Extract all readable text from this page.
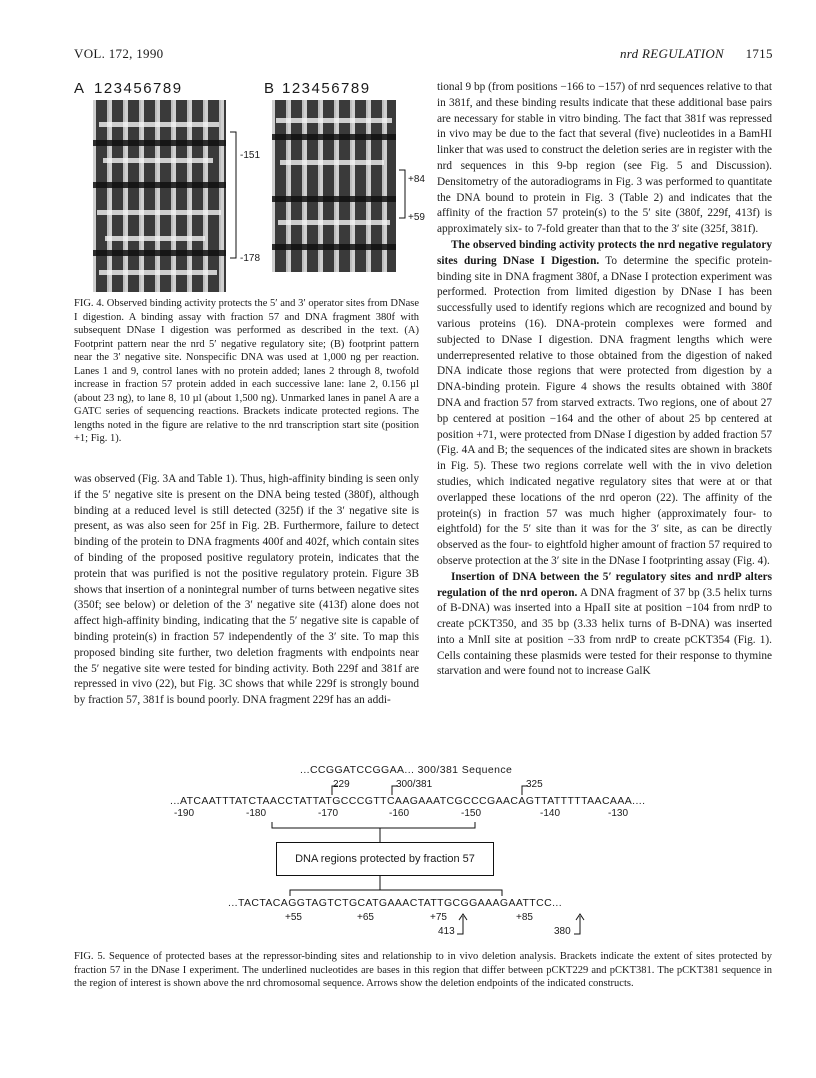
VOL. 172, 1990	nrd REGULATION 1715
A 123456789
-151
-178
B 123456789
+84
+59
FIG. 4. Observed binding activity protects the 5′ and 3′ operator sites from DNase I digestion. A binding assay with fraction 57 and DNA fragment 380f with subsequent DNase I digestion was performed as described in the text. (A) Footprint pattern near the nrd 5′ negative regulatory site; (B) footprint pattern near the 3′ negative site. Nonspecific DNA was used at 1,000 ng per reaction. Lanes 1 and 9, control lanes with no protein added; lanes 2 through 8, twofold increase in fraction 57 protein added in each successive lane: lane 2, 0.156 µl (about 23 ng), to lane 8, 10 µl (about 1,500 ng). Unmarked lanes in panel A are a GATC series of sequencing reactions. Brackets indicate protected regions. The lengths noted in the figure are relative to the nrd transcription start site (position +1; Fig. 1).

was observed (Fig. 3A and Table 1). Thus, high-affinity binding is seen only if the 5′ negative site is present on the DNA being tested (380f), although binding at a reduced level is still detected (325f) if the 3′ negative site is present, as was also seen for 25f in Fig. 2B. Furthermore, failure to detect binding of the protein to DNA fragments 400f and 402f, which contain sites of binding of the proposed positive regulatory protein, indicates that the protein that was purified is not the positive regulatory protein. Figure 3B shows that insertion of a nonintegral number of turns between negative sites (350f; see below) or deletion of the 3′ negative site (413f) alone does not affect high-affinity binding, indicating that the 5′ negative site is capable of binding protein(s) in fraction 57 independently of the 3′ site. To map this proposed binding site further, two deletion fragments with endpoints near the 5′ negative site were tested for binding activity. Both 229f and 381f are repressed in vivo (22), but Fig. 3C shows that while 229f is strongly bound by fraction 57, 381f is bound poorly. DNA fragment 229f has an addi-

tional 9 bp (from positions −166 to −157) of nrd sequences relative to that in 381f, and these binding results indicate that these additional base pairs are necessary for stable in vitro binding. The fact that 381f was repressed in vivo may be due to the fact that several (five) nucleotides in a BamHI linker that was used to construct the deletion series are in register with the nrd sequences in this 9-bp region (see Fig. 5 and Discussion). Densitometry of the autoradiograms in Fig. 3 was performed to quantitate the DNA bound to protein in Fig. 3 (Table 2) and indicates that the affinity of the fraction 57 protein(s) to the 5′ site (380f, 229f, 413f) is approximately six- to 7-fold greater than that to the 3′ site (325f, 381f).

The observed binding activity protects the nrd negative regulatory sites during DNase I Digestion. To determine the specific protein-binding site in DNA fragment 380f, a DNase I protection experiment was performed. Protection from limited digestion by DNase I has been successfully used to identify regions which are recognized and bound by various proteins (16). DNA-protein complexes were formed and subjected to DNase I digestion. DNA fragment lengths which were underrepresented relative to those obtained from the digestion of naked DNA indicate those regions that were protected from digestion by a DNA-binding protein. Figure 4 shows the results obtained with 380f DNA and fraction 57 from starved extracts. Two regions, one of about 27 bp centered at position −164 and the other of about 25 bp centered at position +71, were protected from DNase I digestion by added fraction 57 (Fig. 4A and B; the sequences of the indicated sites are shown in brackets in Fig. 5). These two regions correlate well with the in vivo deletion studies, which indicated negative regulatory sites that were at or that overlapped these locations of the nrd operon (22). The affinity of the protein(s) in fraction 57 was much higher (approximately four- to eightfold) for the 5′ site than it was for the 3′ site, as can be directly observed as the four- to eightfold higher amount of fraction 57 required to observe protection at the 3′ site in the DNase I footprinting assay (Fig. 4).

Insertion of DNA between the 5′ regulatory sites and nrdP alters regulation of the nrd operon. A DNA fragment of 37 bp (3.5 helix turns of B-DNA) was inserted into a HpaII site at position −104 from nrdP to create pCKT350, and 35 bp (3.33 helix turns of B-DNA) was inserted into a MnlI site at position −33 from nrdP to create pCKT354 (Fig. 1). Cells containing these plasmids were tested for their response to thymine starvation and were found not to increase GalK

...CCGGATCCGGAA... 300/381 Sequence
229	300/381	325
...ATCAATTTATCTAACCTATTATGCCCGTTCAAGAAATCGCCCGAACAGTTATTTTTAACAAA....
-190	-180	-170	-160	-150	-140	-130
DNA regions protected by fraction 57
...TACTACAGGTAGTCTGCATGAAACTATTGCGGAAAGAATTCC...
+55	+65	+75	+85
413	380
FIG. 5. Sequence of protected bases at the repressor-binding sites and relationship to in vivo deletion analysis. Brackets indicate the extent of sites protected by fraction 57 in the DNase I experiment. The underlined nucleotides are bases in this region that differ between pCKT229 and pCKT381. The pCKT381 sequence in the region of interest is shown above the nrd chromosomal sequence. Arrows show the deletion endpoints of the indicated constructs.
